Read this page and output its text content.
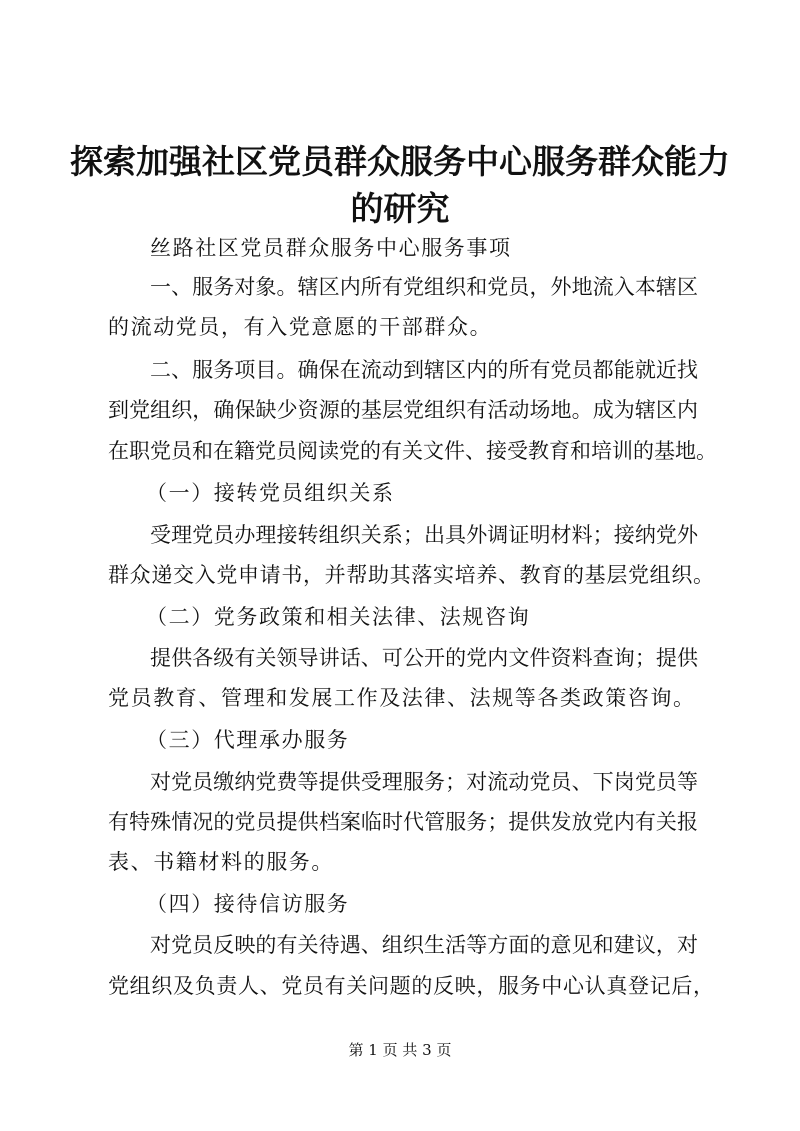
探索加强社区党员群众服务中心服务群众能力
的研究
丝路社区党员群众服务中心服务事项
一、服务对象。辖区内所有党组织和党员，外地流入本辖区
的流动党员，有入党意愿的干部群众。
二、服务项目。确保在流动到辖区内的所有党员都能就近找
到党组织，确保缺少资源的基层党组织有活动场地。成为辖区内
在职党员和在籍党员阅读党的有关文件、接受教育和培训的基地。
（一）接转党员组织关系
受理党员办理接转组织关系；出具外调证明材料；接纳党外
群众递交入党申请书，并帮助其落实培养、教育的基层党组织。
（二）党务政策和相关法律、法规咨询
提供各级有关领导讲话、可公开的党内文件资料查询；提供
党员教育、管理和发展工作及法律、法规等各类政策咨询。
（三）代理承办服务
对党员缴纳党费等提供受理服务；对流动党员、下岗党员等
有特殊情况的党员提供档案临时代管服务；提供发放党内有关报
表、书籍材料的服务。
（四）接待信访服务
对党员反映的有关待遇、组织生活等方面的意见和建议，对
党组织及负责人、党员有关问题的反映，服务中心认真登记后，
第 1 页 共 3 页
